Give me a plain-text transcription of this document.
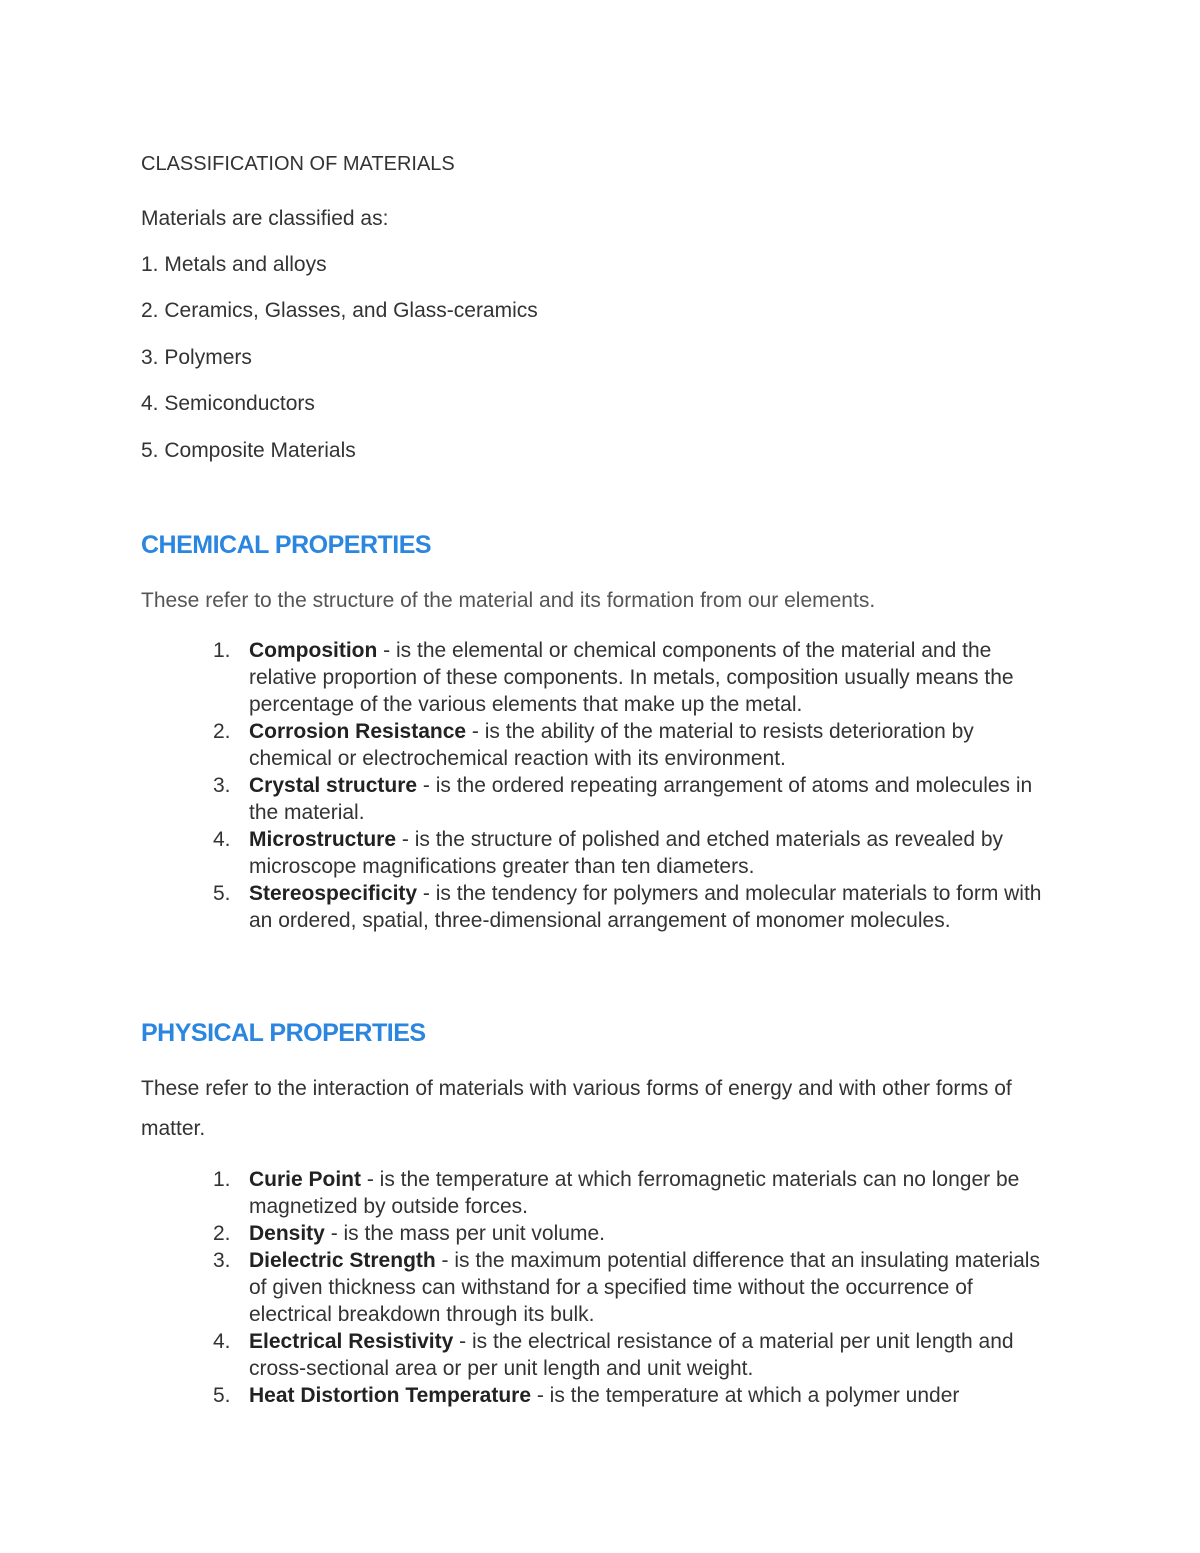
CLASSIFICATION OF MATERIALS
Materials are classified as:
1. Metals and alloys
2. Ceramics, Glasses, and Glass-ceramics
3. Polymers
4. Semiconductors
5. Composite Materials
CHEMICAL PROPERTIES
These refer to the structure of the material and its formation from our elements.
1. Composition - is the elemental or chemical components of the material and the relative proportion of these components. In metals, composition usually means the percentage of the various elements that make up the metal.
2. Corrosion Resistance - is the ability of the material to resists deterioration by chemical or electrochemical reaction with its environment.
3. Crystal structure - is the ordered repeating arrangement of atoms and molecules in the material.
4. Microstructure - is the structure of polished and etched materials as revealed by microscope magnifications greater than ten diameters.
5. Stereospecificity - is the tendency for polymers and molecular materials to form with an ordered, spatial, three-dimensional arrangement of monomer molecules.
PHYSICAL PROPERTIES
These refer to the interaction of materials with various forms of energy and with other forms of matter.
1. Curie Point - is the temperature at which ferromagnetic materials can no longer be magnetized by outside forces.
2. Density - is the mass per unit volume.
3. Dielectric Strength - is the maximum potential difference that an insulating materials of given thickness can withstand for a specified time without the occurrence of electrical breakdown through its bulk.
4. Electrical Resistivity - is the electrical resistance of a material per unit length and cross-sectional area or per unit length and unit weight.
5. Heat Distortion Temperature - is the temperature at which a polymer under
